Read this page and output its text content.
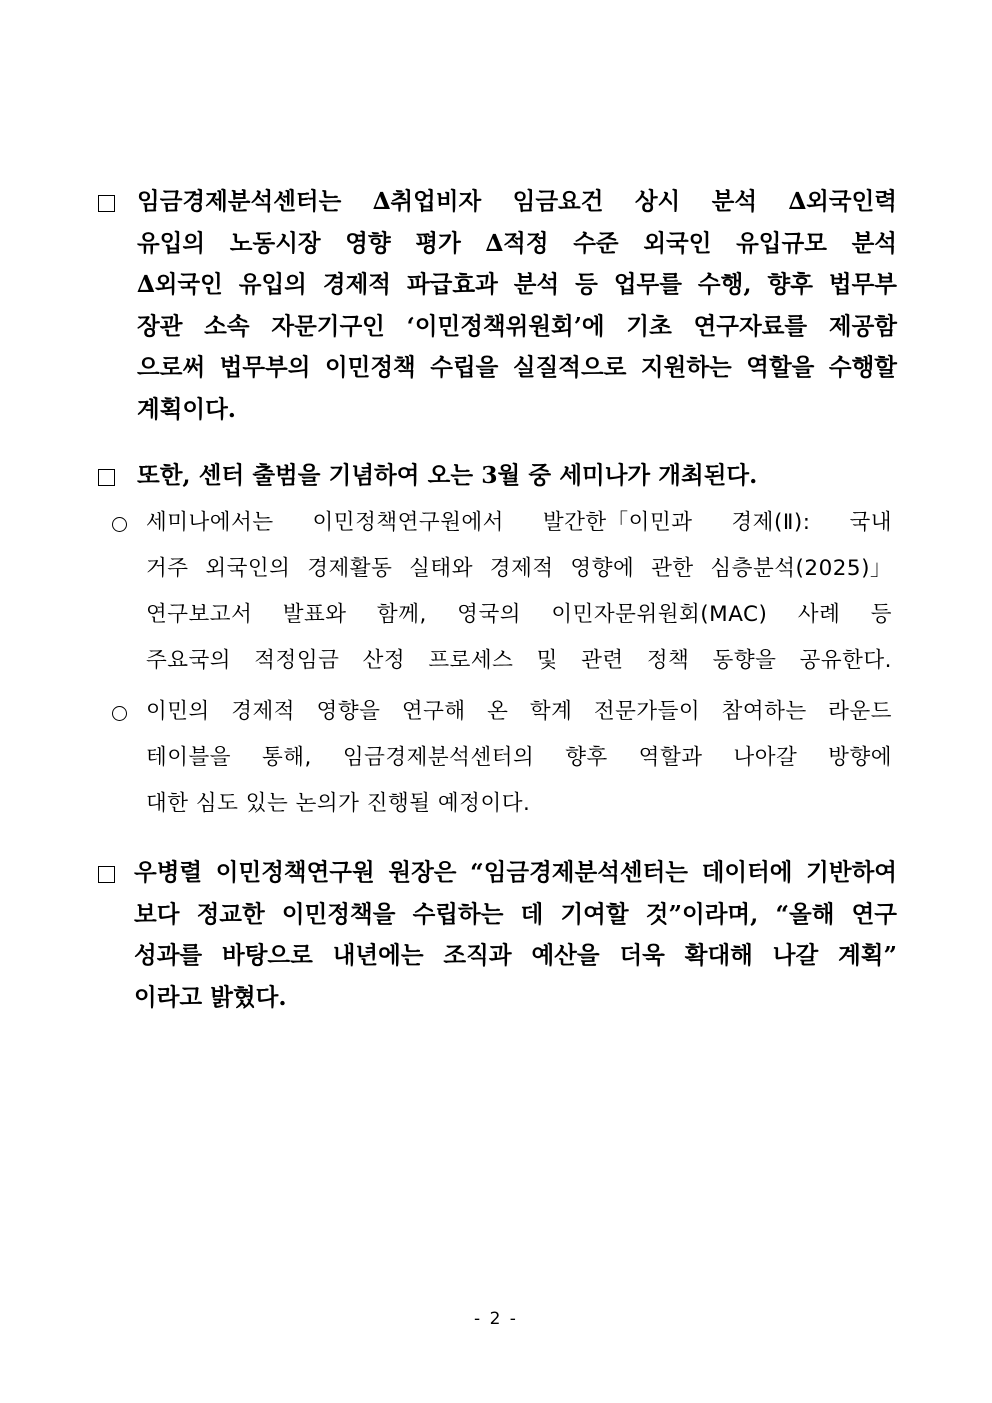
임금경제분석센터는 ∆취업비자 임금요건 상시 분석 ∆외국인력
유입의 노동시장 영향 평가 ∆적정 수준 외국인 유입규모 분석
∆외국인 유입의 경제적 파급효과 분석 등 업무를 수행, 향후 법무부
장관 소속 자문기구인 ‘이민정책위원회’에 기초 연구자료를 제공함
으로써 법무부의 이민정책 수립을 실질적으로 지원하는 역할을 수행할
계획이다.
또한, 센터 출범을 기념하여 오는 3월 중 세미나가 개최된다.
세미나에서는 이민정책연구원에서 발간한「이민과 경제(Ⅱ): 국내
거주 외국인의 경제활동 실태와 경제적 영향에 관한 심층분석(2025)」
연구보고서 발표와 함께, 영국의 이민자문위원회(MAC) 사례 등
주요국의 적정임금 산정 프로세스 및 관련 정책 동향을 공유한다.
이민의 경제적 영향을 연구해 온 학계 전문가들이 참여하는 라운드
테이블을 통해, 임금경제분석센터의 향후 역할과 나아갈 방향에
대한 심도 있는 논의가 진행될 예정이다.
우병렬 이민정책연구원 원장은 “임금경제분석센터는 데이터에 기반하여
보다 정교한 이민정책을 수립하는 데 기여할 것”이라며, “올해 연구
성과를 바탕으로 내년에는 조직과 예산을 더욱 확대해 나갈 계획”
이라고 밝혔다.
- 2 -
